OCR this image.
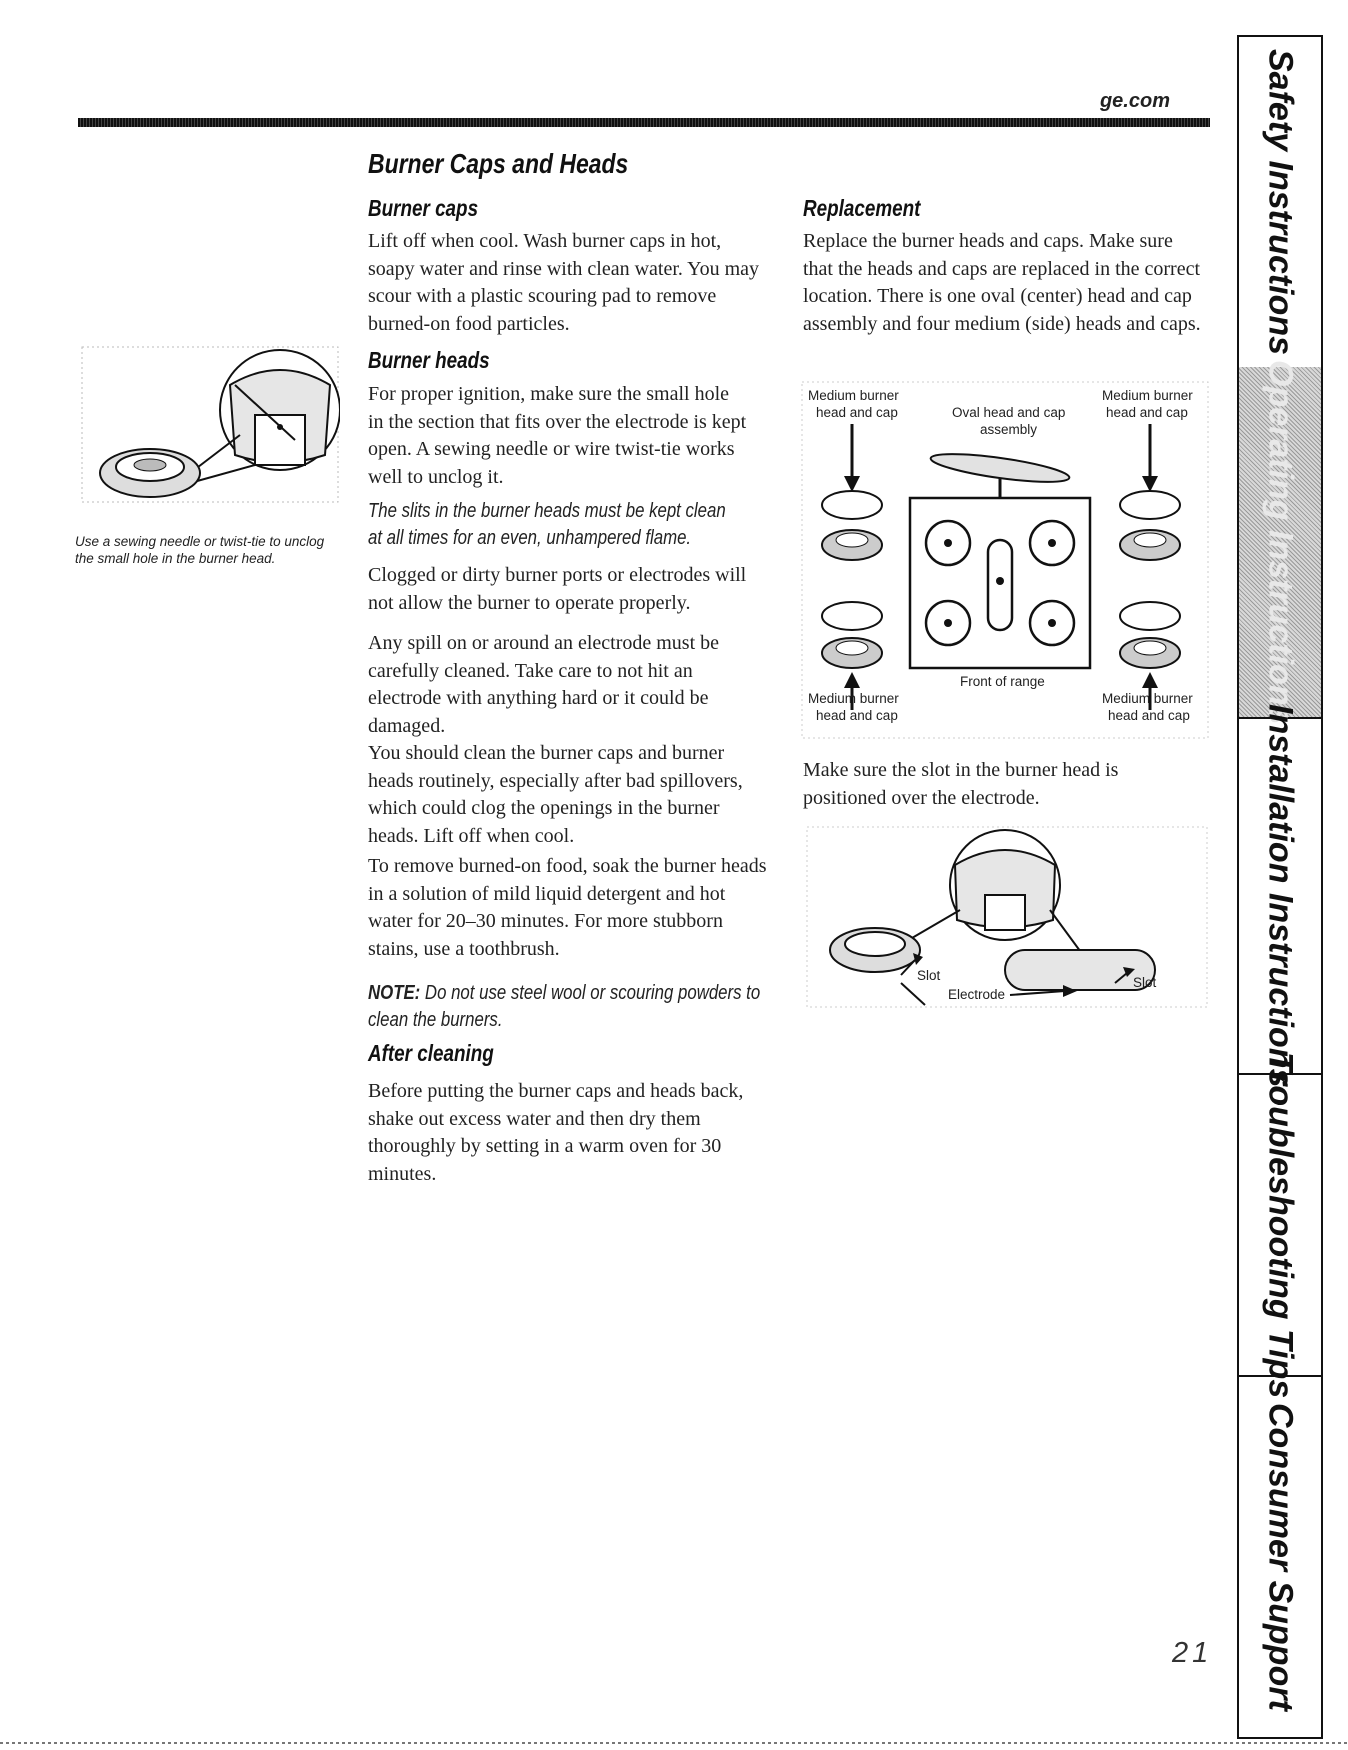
ge.com

Use a sewing needle or twist-tie to unclog the small hole in the burner head.

Burner Caps and Heads
Burner caps

Lift off when cool. Wash burner caps in hot, soapy water and rinse with clean water. You may scour with a plastic scouring pad to remove burned-on food particles.

Burner heads

For proper ignition, make sure the small hole in the section that fits over the electrode is kept open. A sewing needle or wire twist-tie works well to unclog it.

The slits in the burner heads must be kept clean at all times for an even, unhampered flame.

Clogged or dirty burner ports or electrodes will not allow the burner to operate properly.

Any spill on or around an electrode must be carefully cleaned. Take care to not hit an electrode with anything hard or it could be damaged.

You should clean the burner caps and burner heads routinely, especially after bad spillovers, which could clog the openings in the burner heads. Lift off when cool.

To remove burned-on food, soak the burner heads in a solution of mild liquid detergent and hot water for 20–30 minutes. For more stubborn stains, use a toothbrush.

NOTE: Do not use steel wool or scouring powders to clean the burners.

After cleaning

Before putting the burner caps and heads back, shake out excess water and then dry them thoroughly by setting in a warm oven for 30 minutes.

Replacement

Replace the burner heads and caps. Make sure that the heads and caps are replaced in the correct location. There is one oval (center) head and cap assembly and four medium (side) heads and caps.

Medium burner
head and cap	Oval head and cap
assembly
Medium burner
head and cap
Front of range
Medium burner
head and cap
Medium burner
head and cap

Make sure the slot in the burner head is positioned over the electrode.

Slot	Slot
Electrode
21
Safety Instructions
Operating Instructions
Installation Instructions
Troubleshooting Tips
Consumer Support
